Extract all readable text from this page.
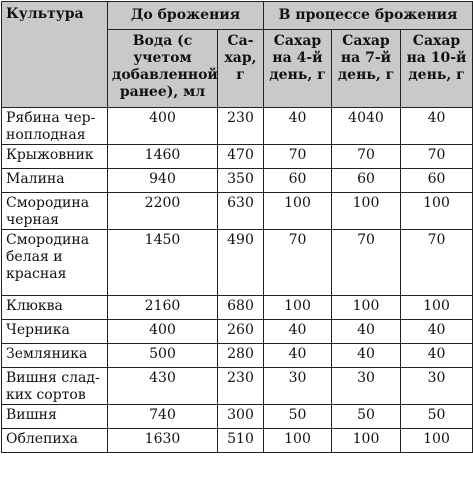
Культура	До брожения		В процессе брожения		
	Вода (с учетом добавленной ранее), мл	Са-хар, г	Сахар на 4-й день, г	Сахар на 7-й день, г	Сахар на 10-й день, г
Рябина чер-ноплодная	400	230	40	4040	40
Крыжовник	1460	470	70	70	70
Малина	940	350	60	60	60
Смородина черная	2200	630	100	100	100
Смородина белая и красная	1450	490	70	70	70
Клюква	2160	680	100	100	100
Черника	400	260	40	40	40
Земляника	500	280	40	40	40
Вишня слад-ких сортов	430	230	30	30	30
Вишня	740	300	50	50	50
Облепиха	1630	510	100	100	100
